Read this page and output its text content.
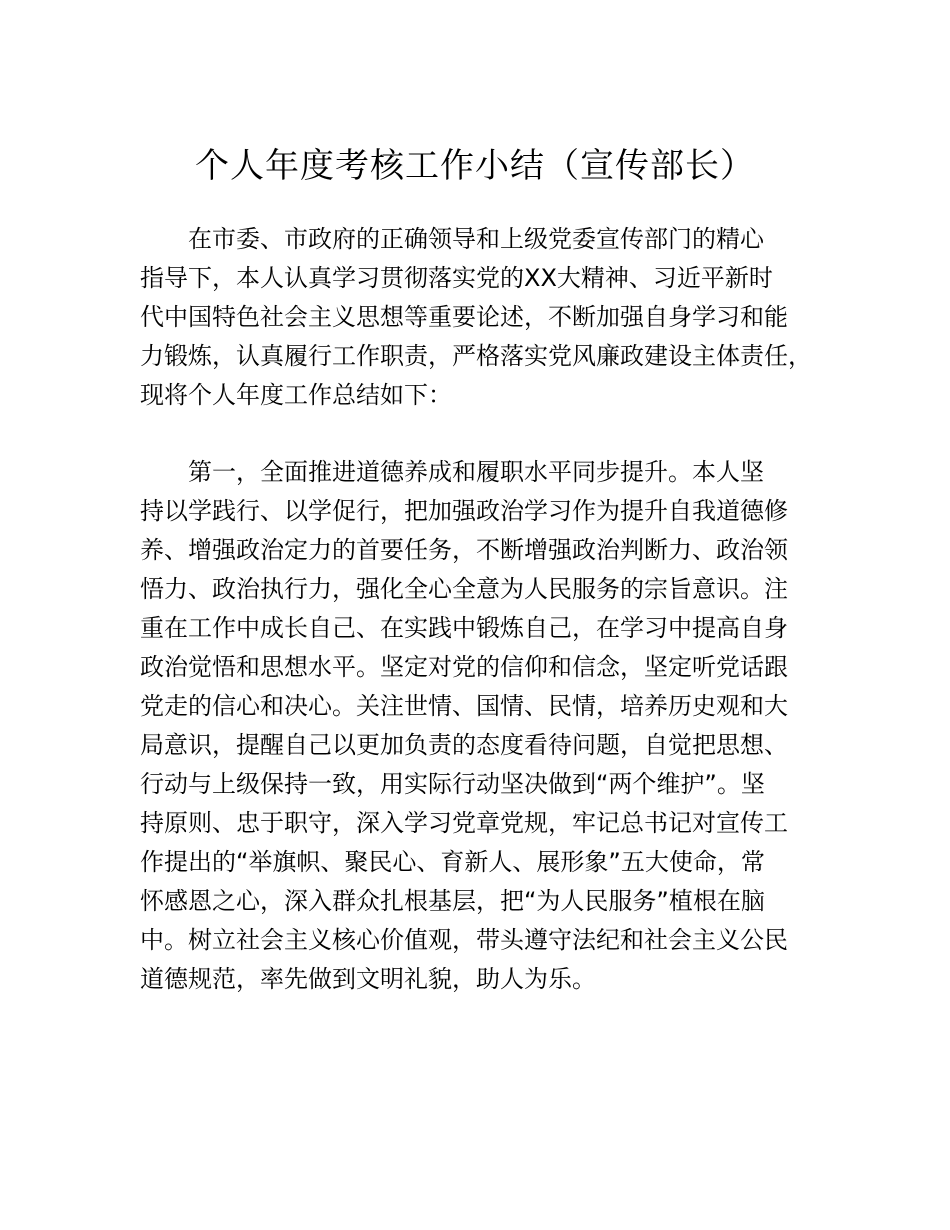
个人年度考核工作小结（宣传部长）
在市委、市政府的正确领导和上级党委宣传部门的精心
指导下，本人认真学习贯彻落实党的XX大精神、习近平新时
代中国特色社会主义思想等重要论述，不断加强自身学习和能
力锻炼，认真履行工作职责，严格落实党风廉政建设主体责任，
现将个人年度工作总结如下：
第一，全面推进道德养成和履职水平同步提升。本人坚
持以学践行、以学促行，把加强政治学习作为提升自我道德修
养、增强政治定力的首要任务，不断增强政治判断力、政治领
悟力、政治执行力，强化全心全意为人民服务的宗旨意识。注
重在工作中成长自己、在实践中锻炼自己，在学习中提高自身
政治觉悟和思想水平。坚定对党的信仰和信念，坚定听党话跟
党走的信心和决心。关注世情、国情、民情，培养历史观和大
局意识，提醒自己以更加负责的态度看待问题，自觉把思想、
行动与上级保持一致，用实际行动坚决做到“两个维护”。坚
持原则、忠于职守，深入学习党章党规，牢记总书记对宣传工
作提出的“举旗帜、聚民心、育新人、展形象”五大使命，常
怀感恩之心，深入群众扎根基层，把“为人民服务”植根在脑
中。树立社会主义核心价值观，带头遵守法纪和社会主义公民
道德规范，率先做到文明礼貌，助人为乐。
